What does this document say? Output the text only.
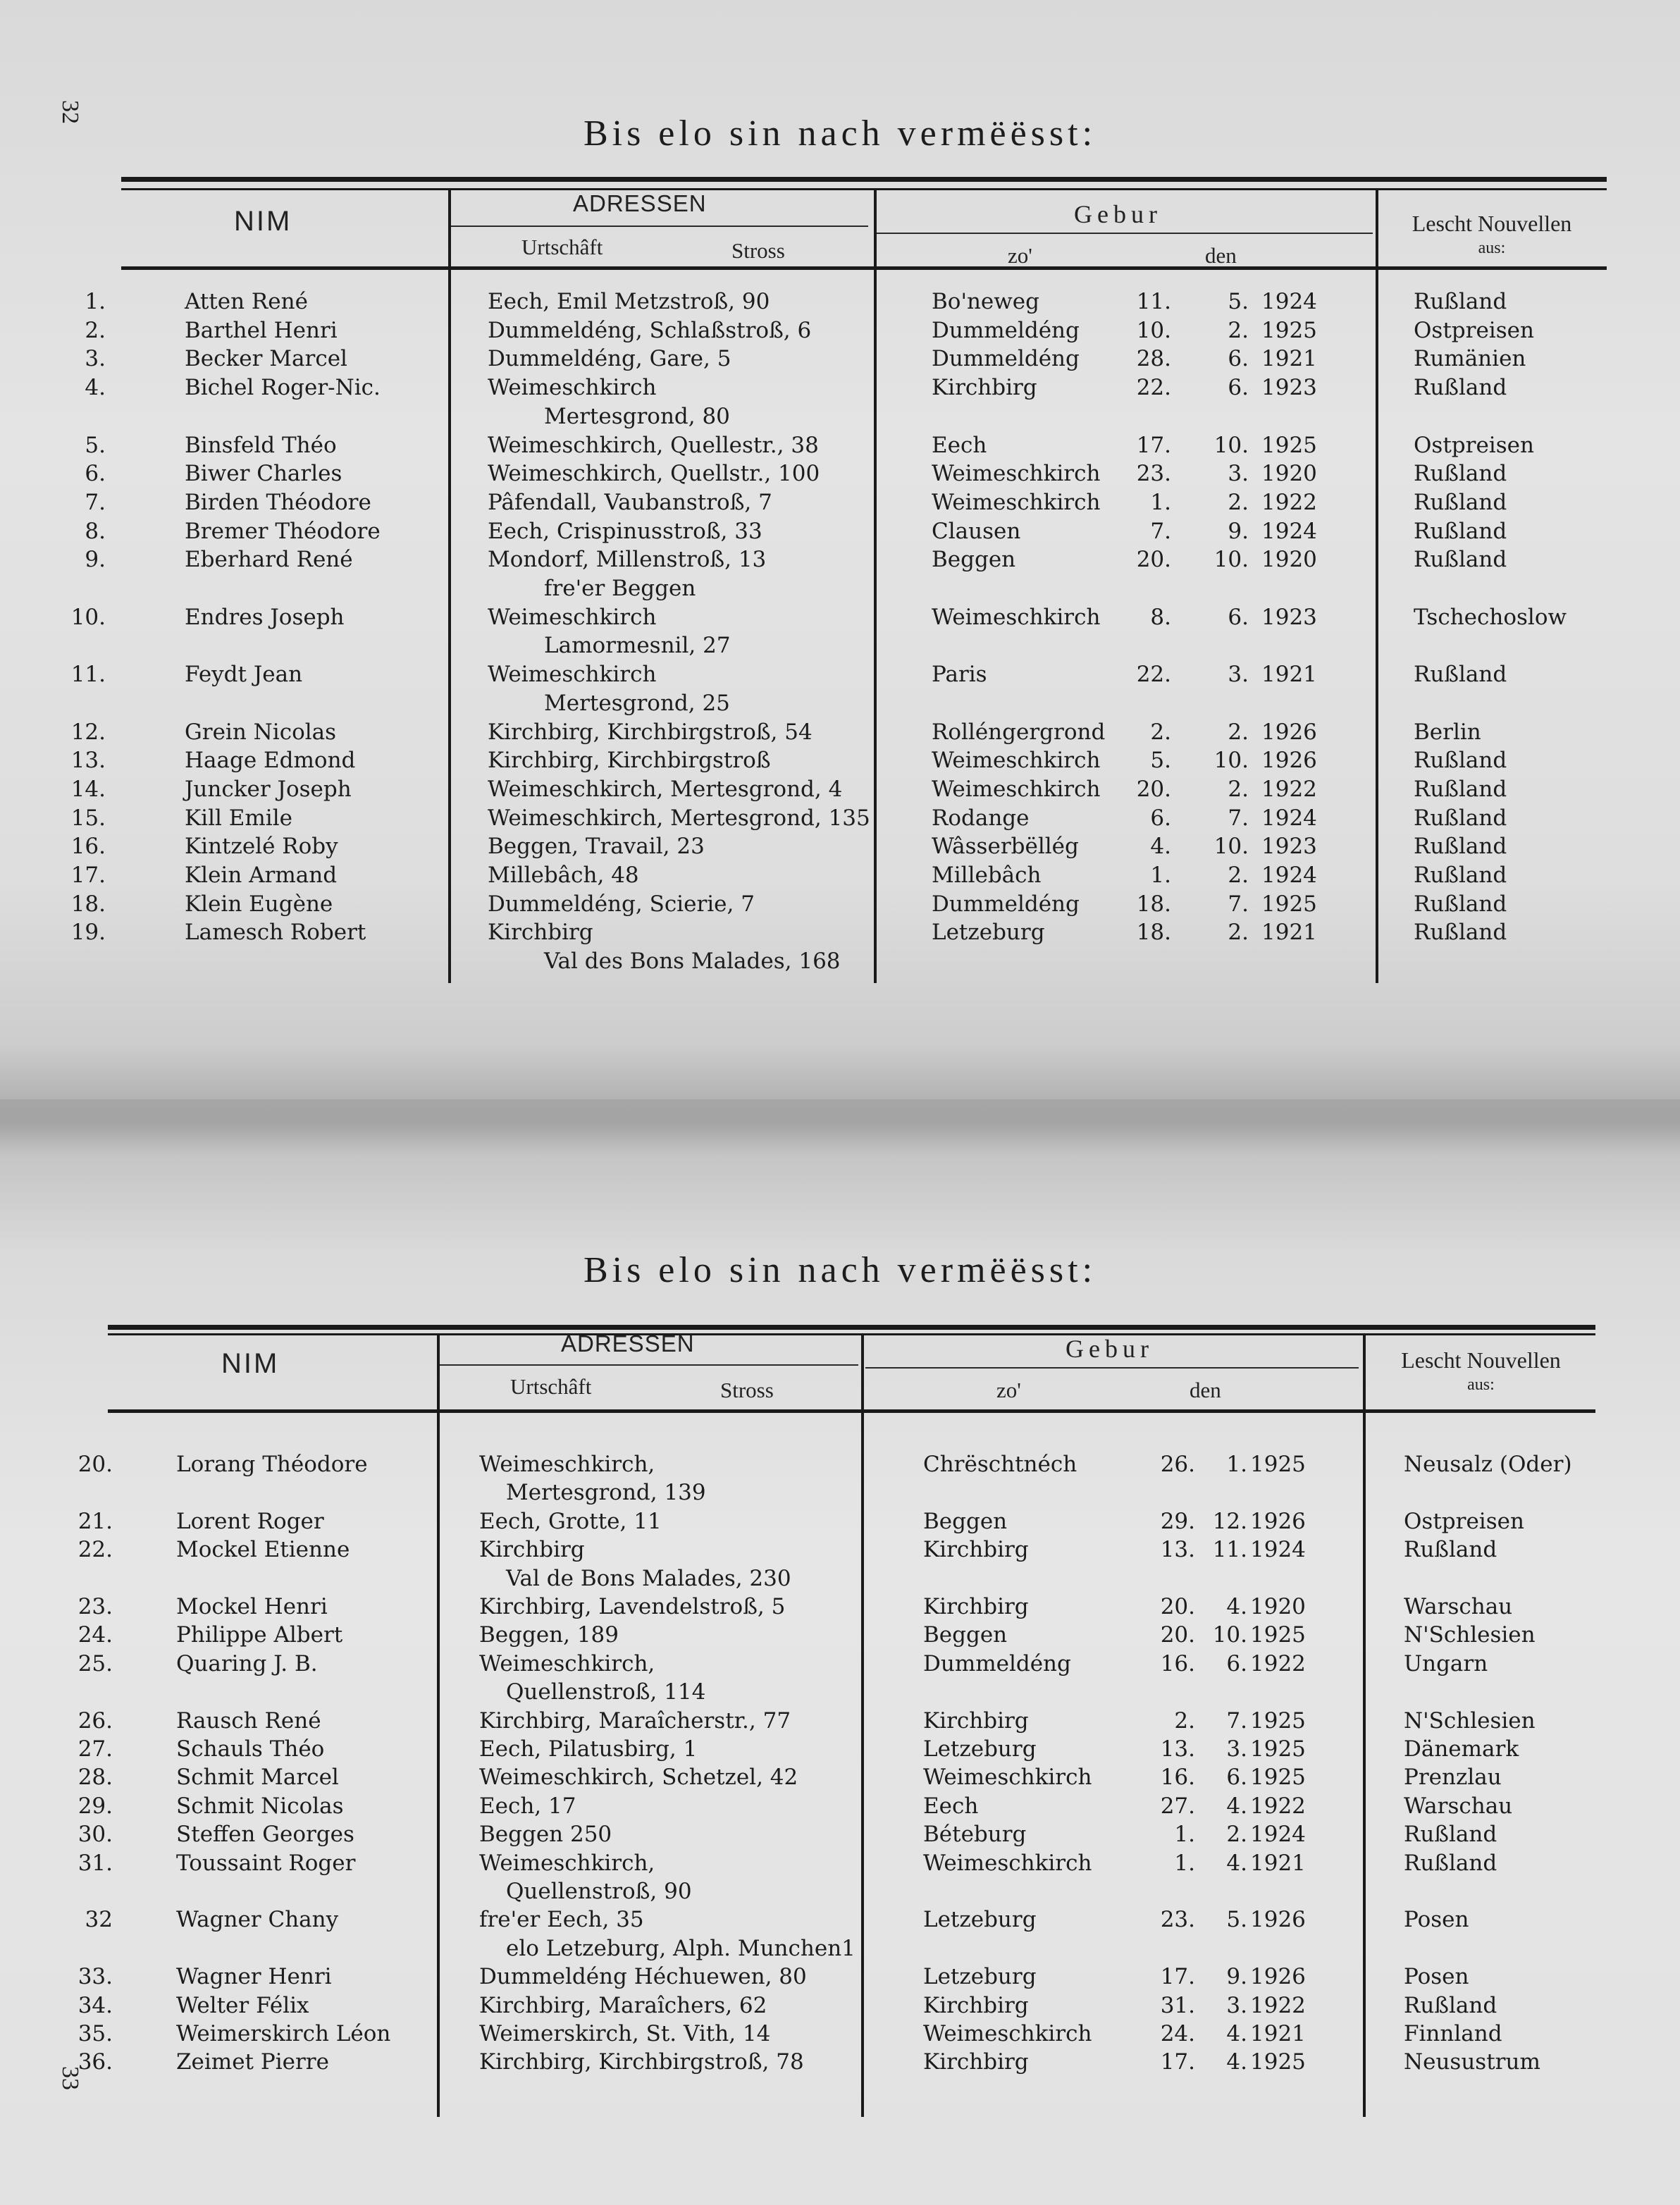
32
Bis elo sin nach vermëësst:
NIM
ADRESSEN
Urtschâft	Stross
Gebur
zo'	den
Lescht Nouvellen
aus:
1.	Atten René	Eech, Emil Metzstroß, 90	Bo'neweg	11.	5. 1924	Rußland
2.	Barthel Henri	Dummeldéng, Schlaßstroß, 6	Dummeldéng	10.	2. 1925	Ostpreisen
3.	Becker Marcel	Dummeldéng, Gare, 5	Dummeldéng	28.	6. 1921	Rumänien
4.	Bichel Roger-Nic.	Weimeschkirch	Kirchbirg	22.	6. 1923	Rußland
Mertesgrond, 80
5.	Binsfeld Théo	Weimeschkirch, Quellestr., 38	Eech	17. 10. 1925	Ostpreisen
6.	Biwer Charles	Weimeschkirch, Quellstr., 100	Weimeschkirch	23.	3. 1920	Rußland
7.	Birden Théodore	Pâfendall, Vaubanstroß, 7	Weimeschkirch	1.	2. 1922	Rußland
8.	Bremer Théodore	Eech, Crispinusstroß, 33	Clausen	7.	9. 1924	Rußland
9.	Eberhard René	Mondorf, Millenstroß, 13	Beggen	20. 10. 1920	Rußland
fre'er Beggen
10.	Endres Joseph	Weimeschkirch	Weimeschkirch	8.	6. 1923	Tschechoslow
Lamormesnil, 27
11.	Feydt Jean	Weimeschkirch	Paris	22.	3. 1921	Rußland
Mertesgrond, 25
12.	Grein Nicolas	Kirchbirg, Kirchbirgstroß, 54	Rolléngergrond	2.	2. 1926	Berlin
13.	Haage Edmond	Kirchbirg, Kirchbirgstroß	Weimeschkirch	5. 10. 1926	Rußland
14.	Juncker Joseph	Weimeschkirch, Mertesgrond, 4	Weimeschkirch	20.	2. 1922	Rußland
15.	Kill Emile	Weimeschkirch, Mertesgrond, 135	Rodange	6.	7. 1924	Rußland
16.	Kintzelé Roby	Beggen, Travail, 23	Wâsserbëllég	4. 10. 1923	Rußland
17.	Klein Armand	Millebâch, 48	Millebâch	1.	2. 1924	Rußland
18.	Klein Eugène	Dummeldéng, Scierie, 7	Dummeldéng	18.	7. 1925	Rußland
19.	Lamesch Robert	Kirchbirg	Letzeburg	18.	2. 1921	Rußland
Val des Bons Malades, 168
33
Bis elo sin nach vermëësst:
NIM
ADRESSEN
Urtschâft	Stross
Gebur
zo'	den
Lescht Nouvellen
aus:
20.	Lorang Théodore	Weimeschkirch,	Chrëschtnéch	26.	1. 1925	Neusalz (Oder)
Mertesgrond, 139
21.	Lorent Roger	Eech, Grotte, 11	Beggen	29. 12. 1926	Ostpreisen
22.	Mockel Etienne	Kirchbirg	Kirchbirg	13. 11. 1924	Rußland
Val de Bons Malades, 230
23.	Mockel Henri	Kirchbirg, Lavendelstroß, 5	Kirchbirg	20.	4. 1920	Warschau
24.	Philippe Albert	Beggen, 189	Beggen	20. 10. 1925	N'Schlesien
25.	Quaring J. B.	Weimeschkirch,	Dummeldéng	16.	6. 1922	Ungarn
Quellenstroß, 114
26.	Rausch René	Kirchbirg, Maraîcherstr., 77	Kirchbirg	2.	7. 1925	N'Schlesien
27.	Schauls Théo	Eech, Pilatusbirg, 1	Letzeburg	13.	3. 1925	Dänemark
28.	Schmit Marcel	Weimeschkirch, Schetzel, 42	Weimeschkirch	16.	6. 1925	Prenzlau
29.	Schmit Nicolas	Eech, 17	Eech	27.	4. 1922	Warschau
30.	Steffen Georges	Beggen 250	Béteburg	1.	2. 1924	Rußland
31.	Toussaint Roger	Weimeschkirch,	Weimeschkirch	1.	4. 1921	Rußland
Quellenstroß, 90
32	Wagner Chany	fre'er Eech, 35	Letzeburg	23.	5. 1926	Posen
elo Letzeburg, Alph. Munchen1
33.	Wagner Henri	Dummeldéng Héchuewen, 80	Letzeburg	17.	9. 1926	Posen
34.	Welter Félix	Kirchbirg, Maraîchers, 62	Kirchbirg	31.	3. 1922	Rußland
35.	Weimerskirch Léon	Weimerskirch, St. Vith, 14	Weimeschkirch	24.	4. 1921	Finnland
36.	Zeimet Pierre	Kirchbirg, Kirchbirgstroß, 78	Kirchbirg	17.	4. 1925	Neusustrum
